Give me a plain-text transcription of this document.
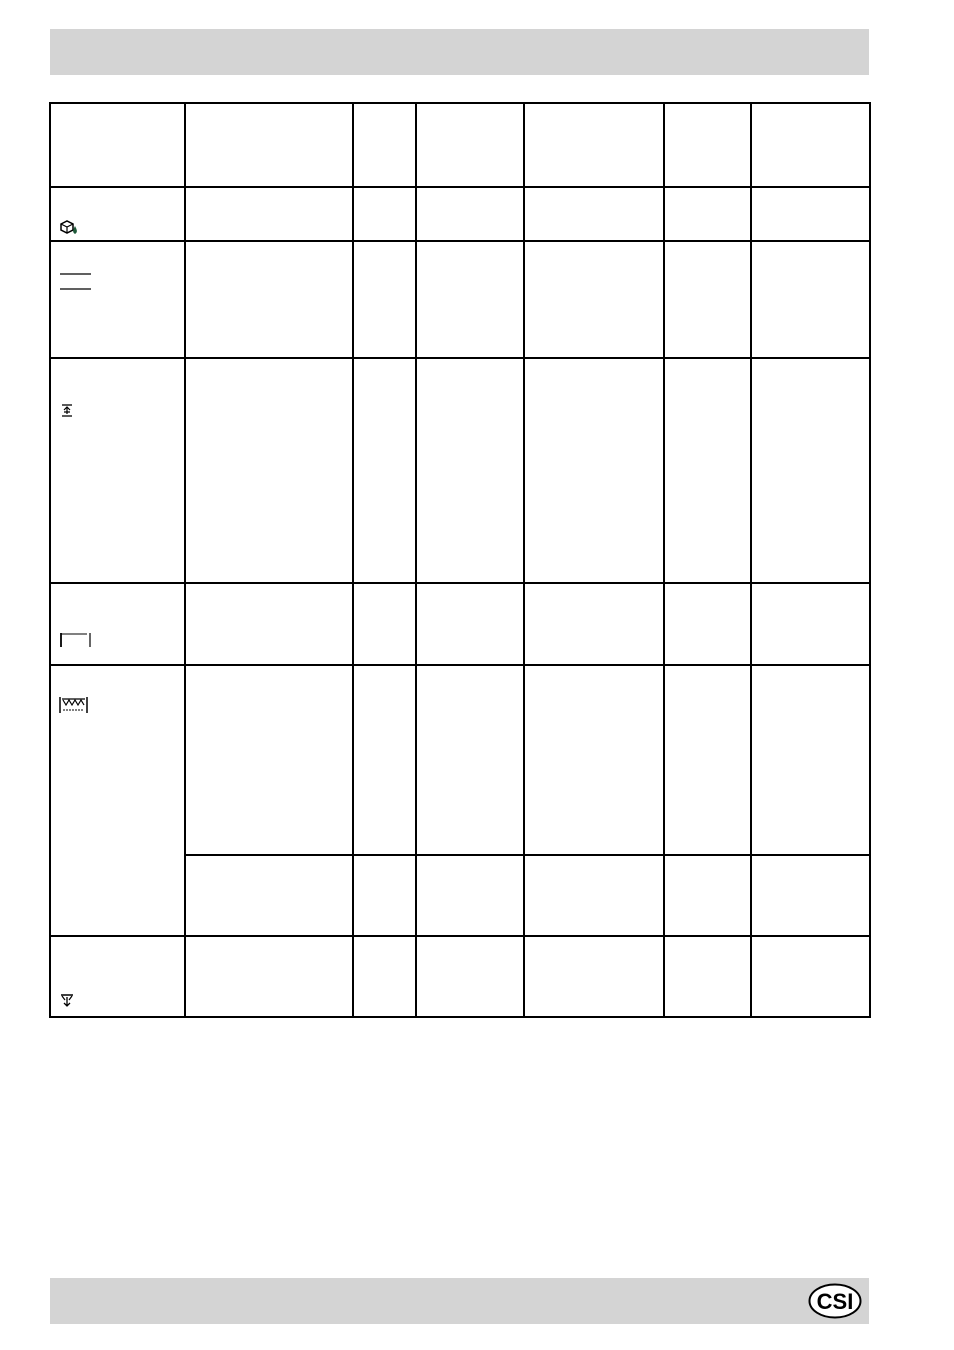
CSI
